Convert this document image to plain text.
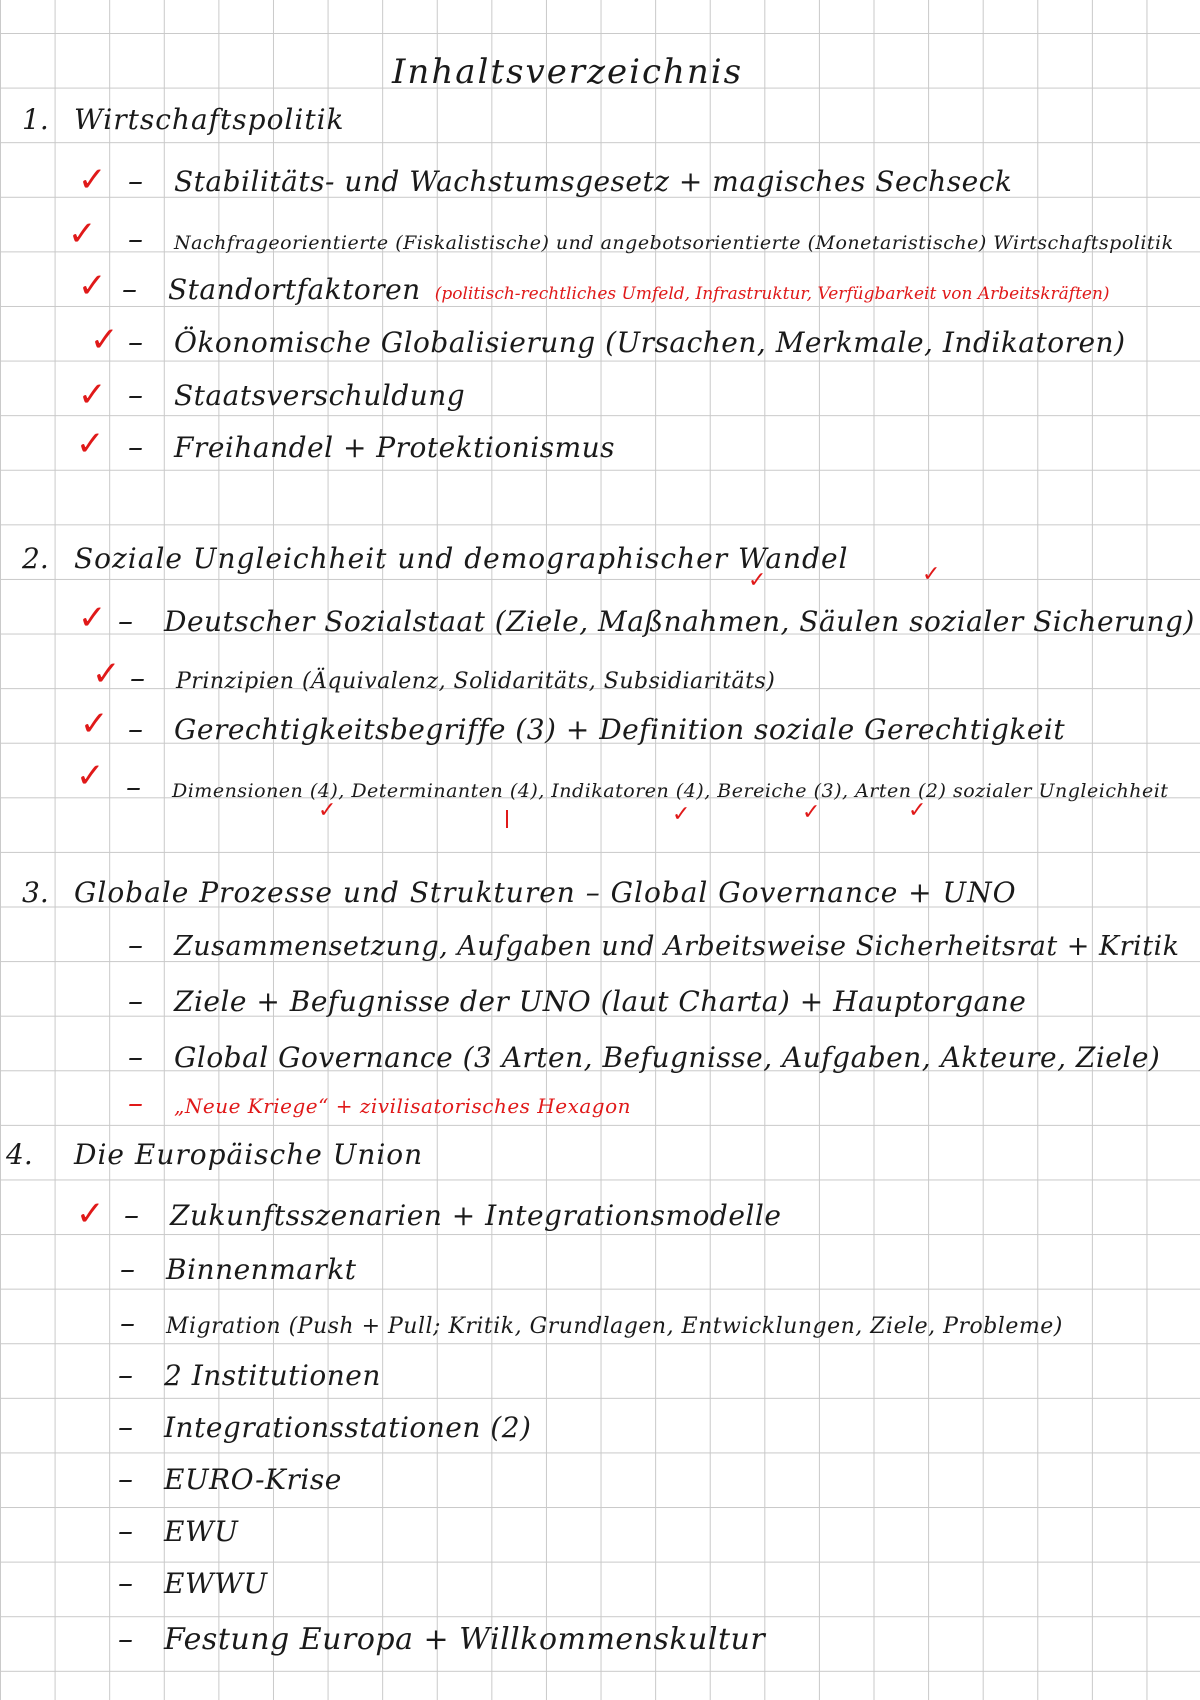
Inhaltsverzeichnis
1. Wirtschaftspolitik
✓ –	Stabilitäts- und Wachstumsgesetz + magisches Sechseck
✓ –	Nachfrageorientierte (Fiskalistische) und angebotsorientierte (Monetaristische) Wirtschaftspolitik
✓ –	Standortfaktoren (politisch-rechtliches Umfeld, Infrastruktur, Verfügbarkeit von Arbeitskräften)
✓ –	Ökonomische Globalisierung (Ursachen, Merkmale, Indikatoren)
✓ –	Staatsverschuldung
✓ –	Freihandel + Protektionismus
2. Soziale Ungleichheit und demographischer Wandel
✓	✓
✓ –	Deutscher Sozialstaat (Ziele, Maßnahmen, Säulen sozialer Sicherung)
✓ –	Prinzipien (Äquivalenz, Solidaritäts, Subsidiaritäts)
✓ –	Gerechtigkeitsbegriffe (3) + Definition soziale Gerechtigkeit
✓ –	Dimensionen (4), Determinanten (4), Indikatoren (4), Bereiche (3), Arten (2) sozialer Ungleichheit
✓	✓	✓	✓
3. Globale Prozesse und Strukturen – Global Governance + UNO
–	Zusammensetzung, Aufgaben und Arbeitsweise Sicherheitsrat + Kritik
–	Ziele + Befugnisse der UNO (laut Charta) + Hauptorgane
–	Global Governance (3 Arten, Befugnisse, Aufgaben, Akteure, Ziele)
–	„Neue Kriege“ + zivilisatorisches Hexagon
4. Die Europäische Union
✓ –	Zukunftsszenarien + Integrationsmodelle
–	Binnenmarkt
–	Migration (Push + Pull; Kritik, Grundlagen, Entwicklungen, Ziele, Probleme)
–	2 Institutionen
–	Integrationsstationen (2)
–	EURO-Krise
–	EWU
–	EWWU
–	Festung Europa + Willkommenskultur
